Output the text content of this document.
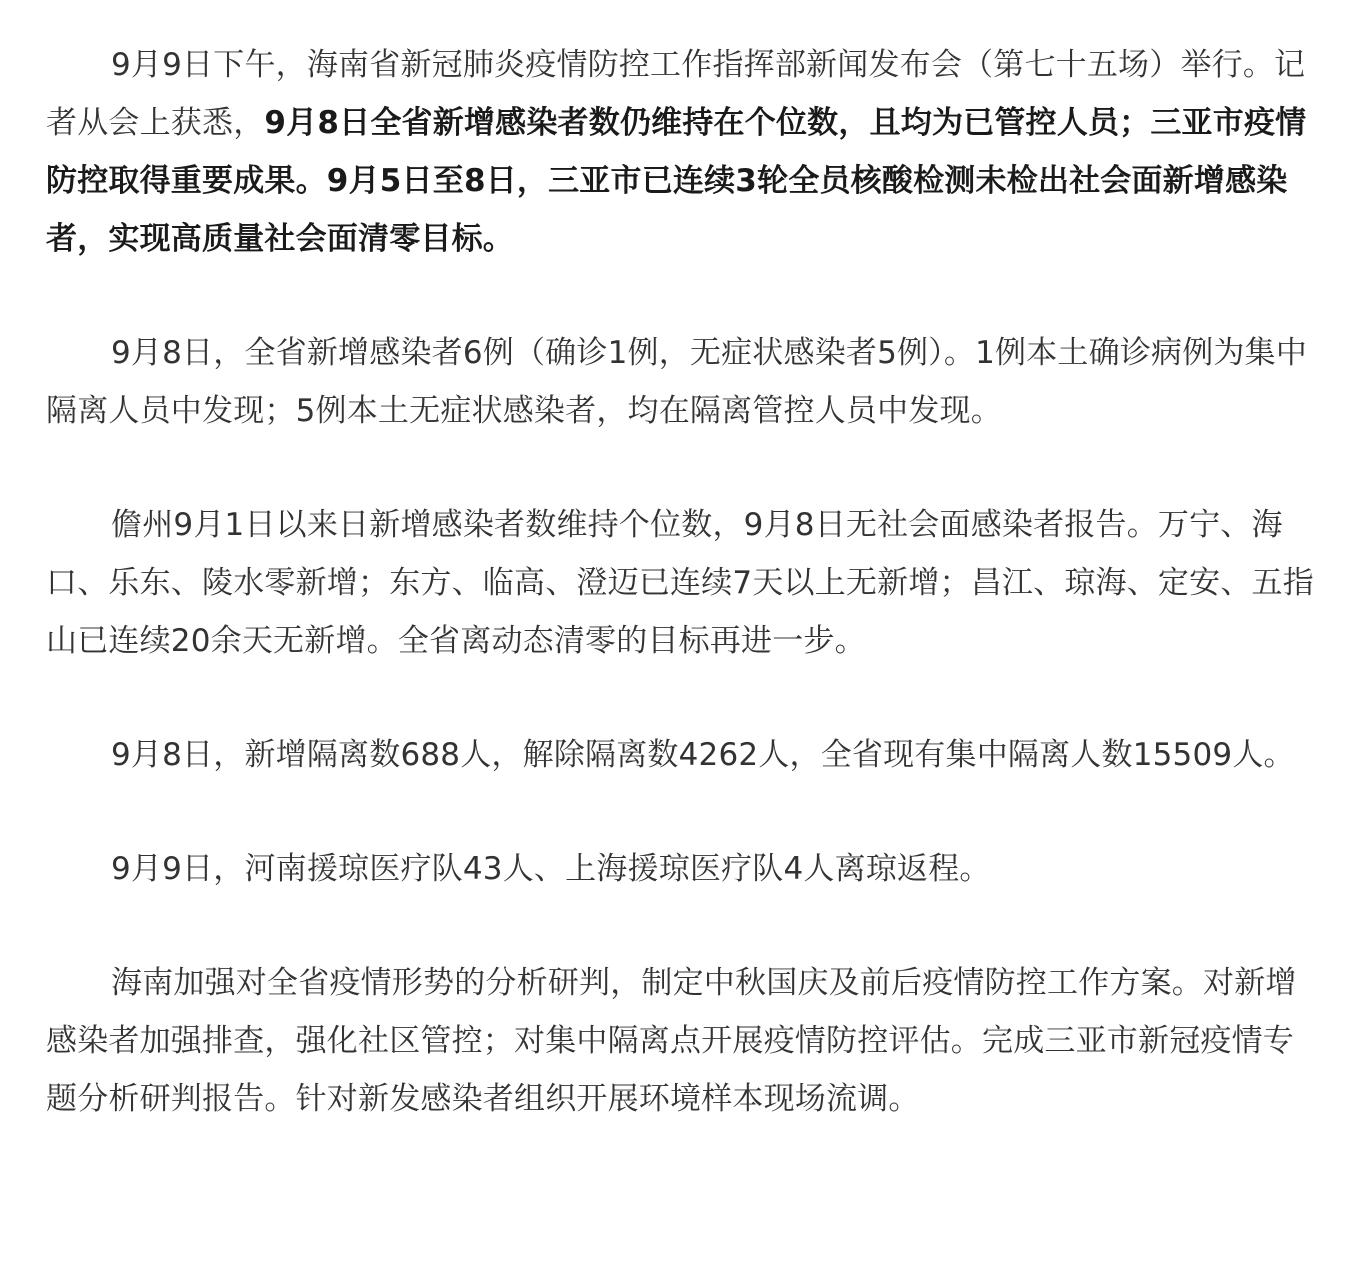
9月9日下午，海南省新冠肺炎疫情防控工作指挥部新闻发布会（第七十五场）举行。记者从会上获悉，9月8日全省新增感染者数仍维持在个位数，且均为已管控人员；三亚市疫情防控取得重要成果。9月5日至8日，三亚市已连续3轮全员核酸检测未检出社会面新增感染者，实现高质量社会面清零目标。

9月8日，全省新增感染者6例（确诊1例，无症状感染者5例）。1例本土确诊病例为集中隔离人员中发现；5例本土无症状感染者，均在隔离管控人员中发现。

儋州9月1日以来日新增感染者数维持个位数，9月8日无社会面感染者报告。万宁、海口、乐东、陵水零新增；东方、临高、澄迈已连续7天以上无新增；昌江、琼海、定安、五指山已连续20余天无新增。全省离动态清零的目标再进一步。

9月8日，新增隔离数688人，解除隔离数4262人，全省现有集中隔离人数15509人。

9月9日，河南援琼医疗队43人、上海援琼医疗队4人离琼返程。

海南加强对全省疫情形势的分析研判，制定中秋国庆及前后疫情防控工作方案。对新增感染者加强排查，强化社区管控；对集中隔离点开展疫情防控评估。完成三亚市新冠疫情专题分析研判报告。针对新发感染者组织开展环境样本现场流调。
